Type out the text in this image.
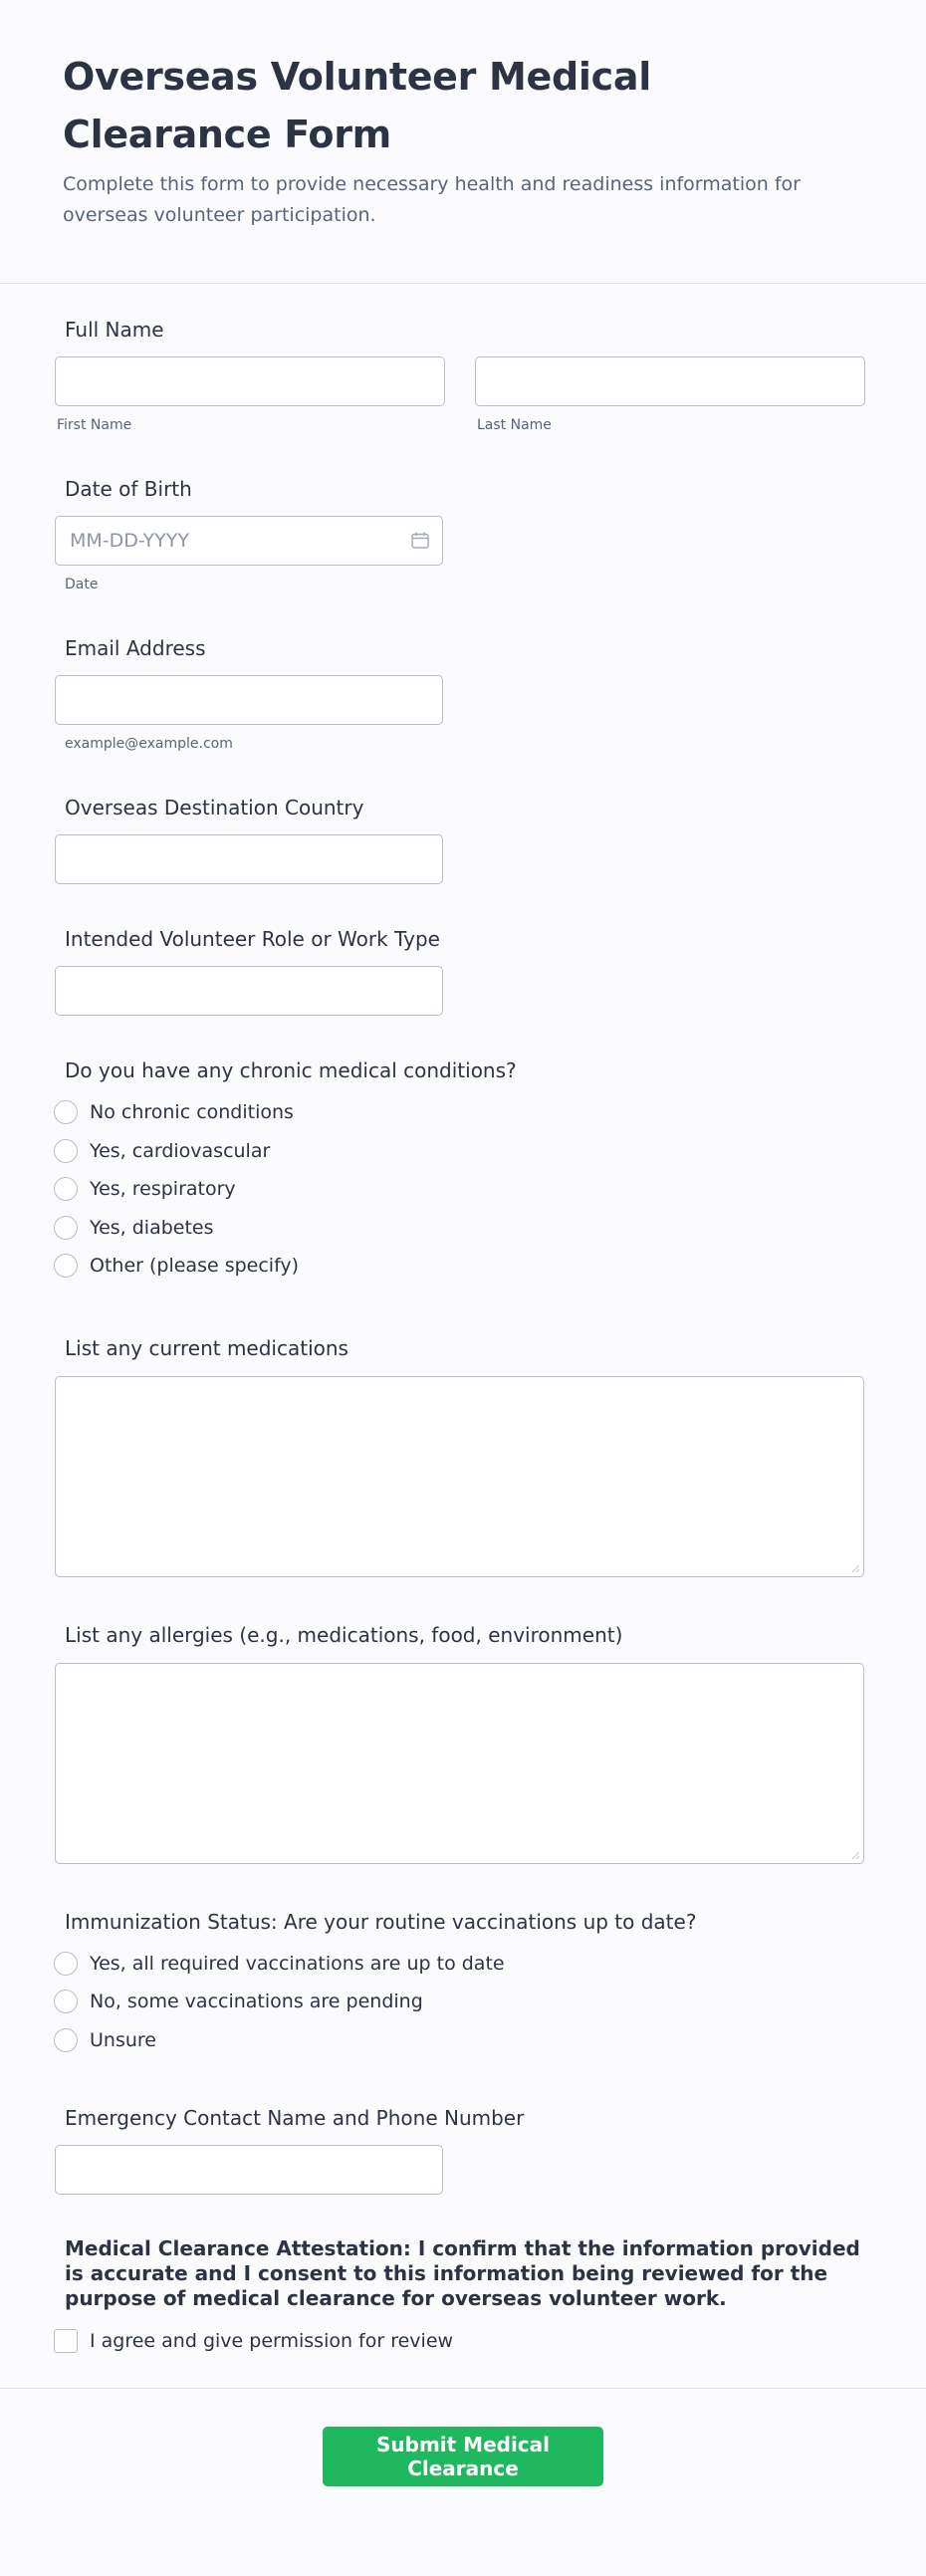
Overseas Volunteer Medical Clearance Form

Complete this form to provide necessary health and readiness information for overseas volunteer participation.

Full Name
First Name	Last Name
Date of Birth
MM-DD-YYYY
Date
Email Address
example@example.com
Overseas Destination Country
Intended Volunteer Role or Work Type
Do you have any chronic medical conditions?
No chronic conditions
Yes, cardiovascular
Yes, respiratory
Yes, diabetes
Other (please specify)
List any current medications
List any allergies (e.g., medications, food, environment)
Immunization Status: Are your routine vaccinations up to date?
Yes, all required vaccinations are up to date
No, some vaccinations are pending
Unsure
Emergency Contact Name and Phone Number
Medical Clearance Attestation: I confirm that the information provided is accurate and I consent to this information being reviewed for the purpose of medical clearance for overseas volunteer work.
I agree and give permission for review
Submit Medical Clearance
